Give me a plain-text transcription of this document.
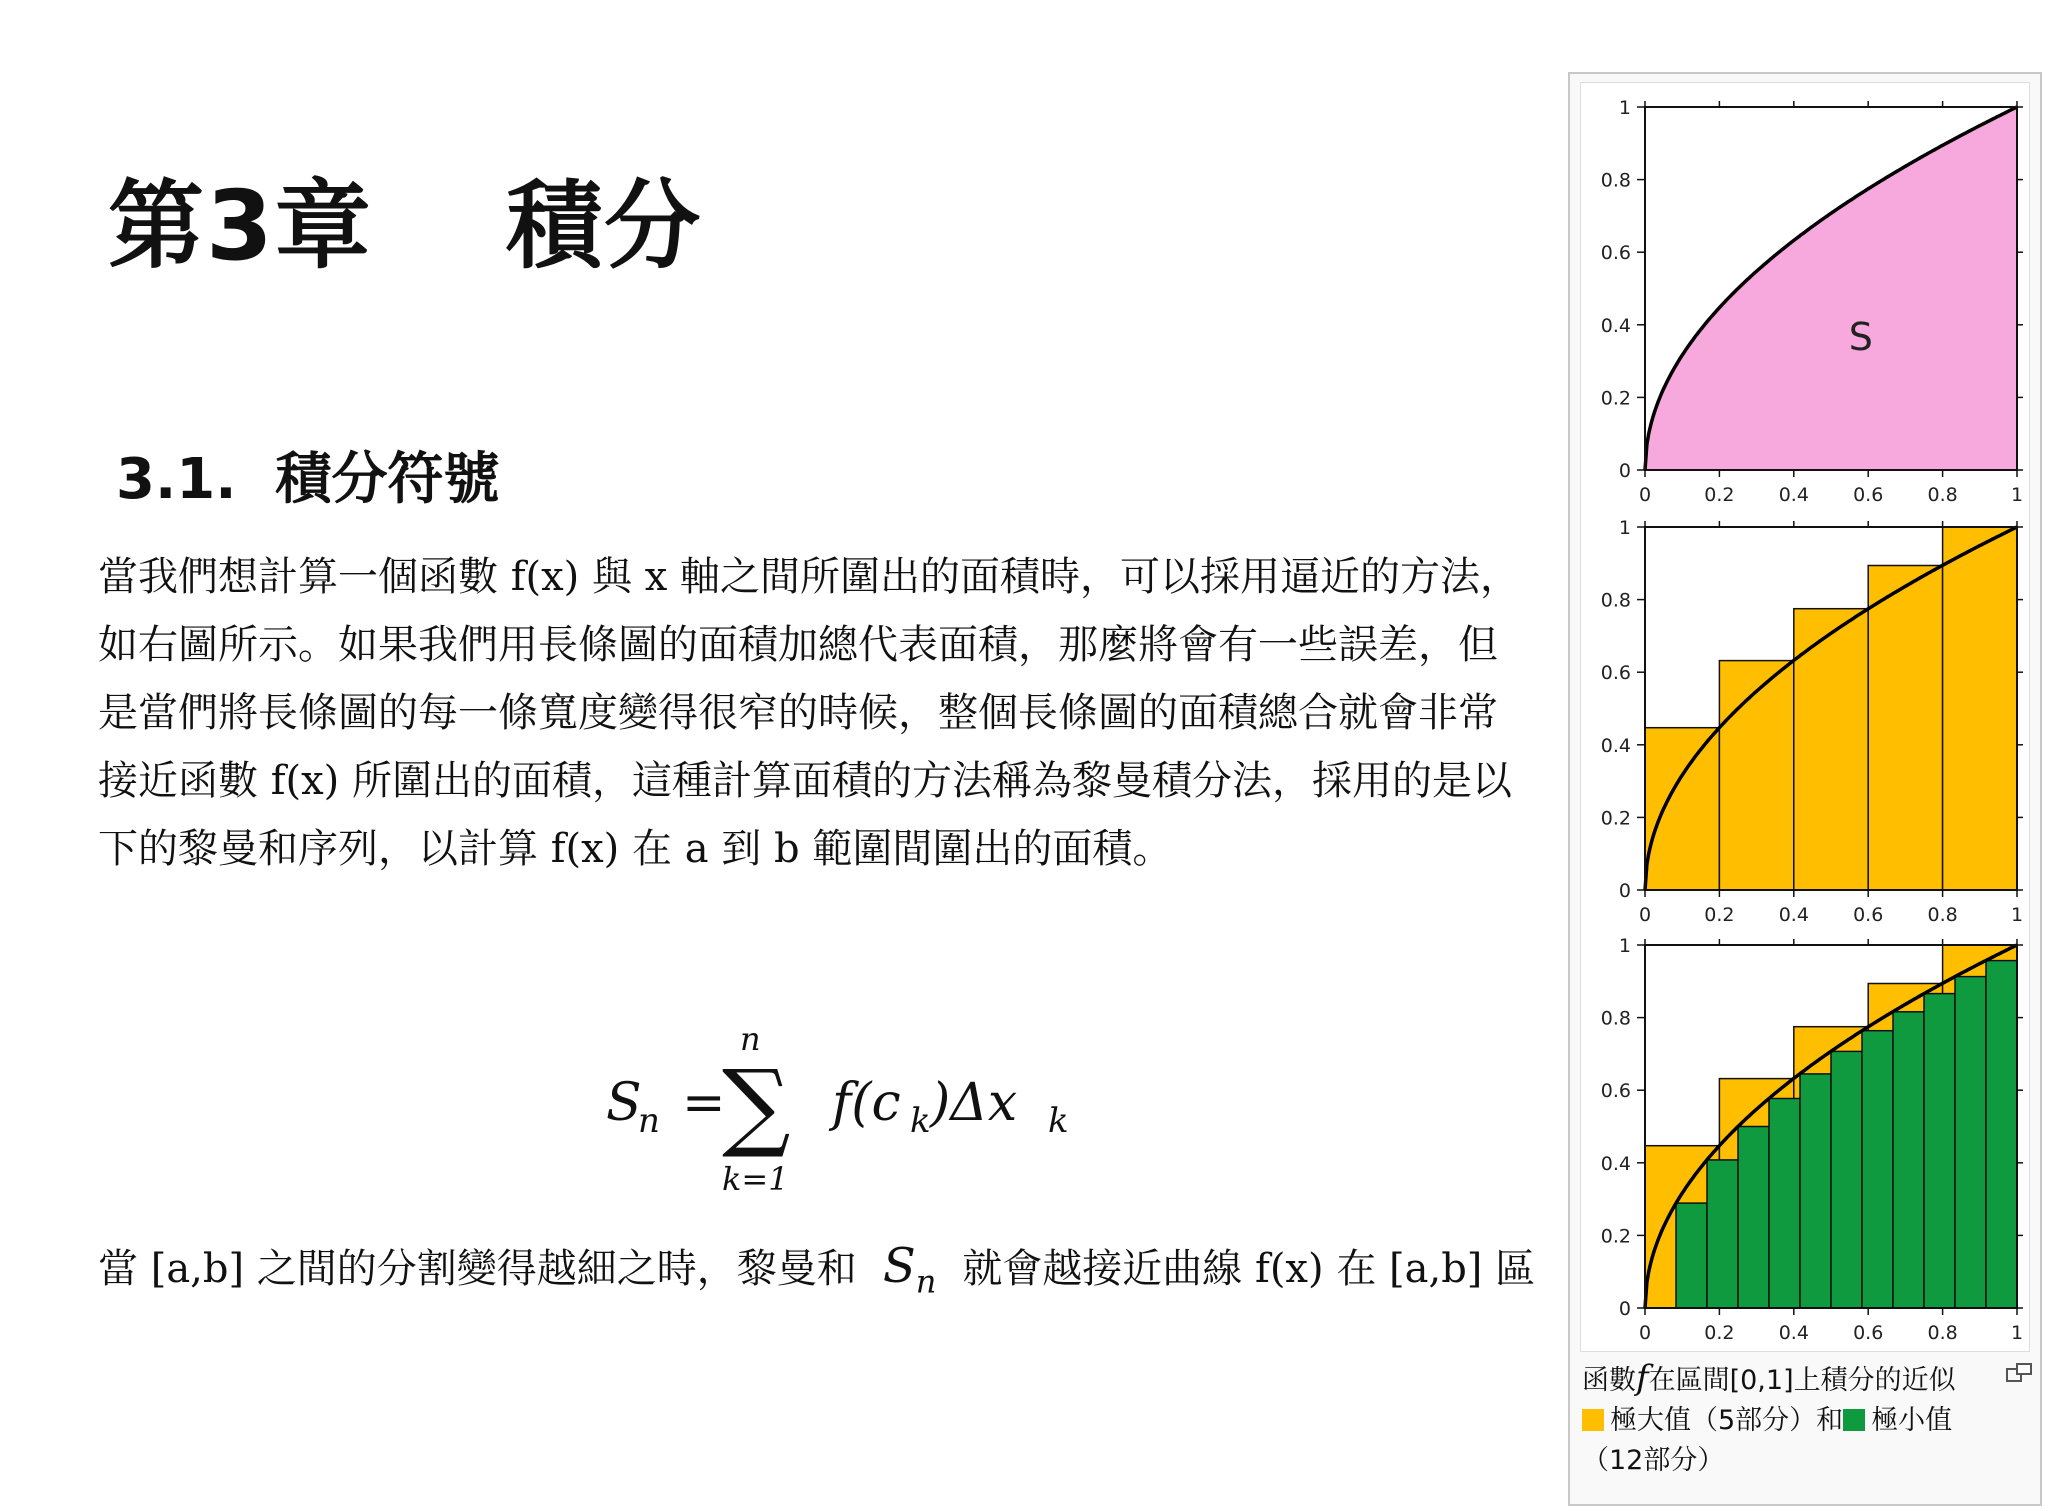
第3章　 積分
3.1.  積分符號

當我們想計算一個函數 f(x) 與 x 軸之間所圍出的面積時，可以採用逼近的方法，

如右圖所示。如果我們用長條圖的面積加總代表面積，那麼將會有一些誤差，但

是當們將長條圖的每一條寬度變得很窄的時候，整個長條圖的面積總合就會非常

接近函數 f(x) 所圍出的面積，這種計算面積的方法稱為黎曼積分法，採用的是以

下的黎曼和序列，以計算 f(x) 在 a 到 b 範圍間圍出的面積。

S
n =
n
∑
k=1
f(c k )Δx k
當 [a,b] 之間的分割變得越細之時，黎曼和 $S_n$ 就會越接近曲線 f(x) 在 [a,b] 區
S
0
0.2
0.4
0.6
0.8
1
0	0.2 0.4 0.6 0.8	1
0
0.2
0.4
0.6
0.8
1
0	0.2 0.4 0.6 0.8	1
0
0.2
0.4
0.6
0.8
1
0	0.2 0.4 0.6 0.8	1
函數f在區間[0,1]上積分的近似
極大值（5部分）和 極小值
（12部分）
